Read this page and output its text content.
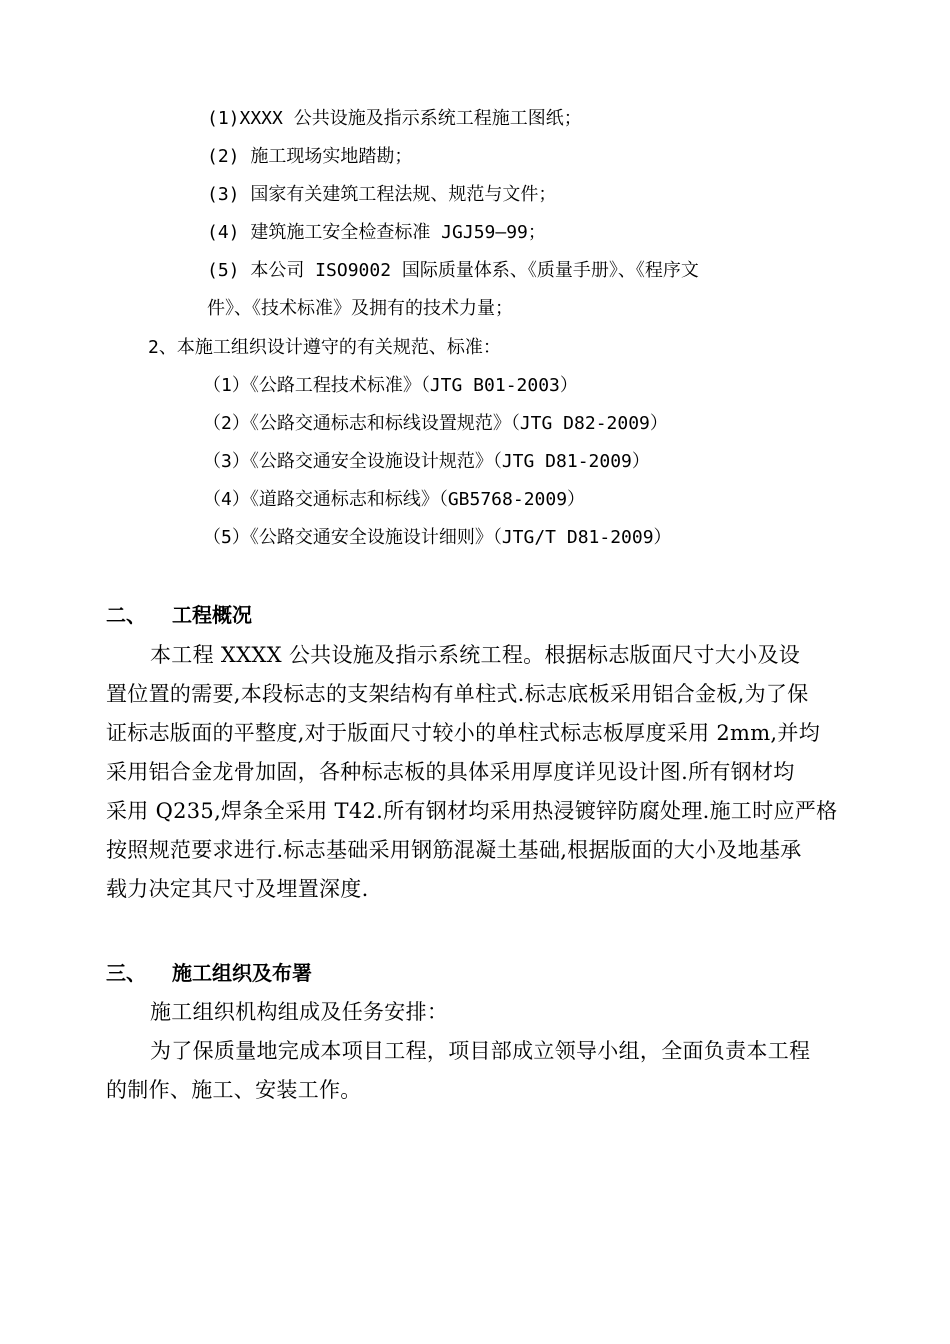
(1)XXXX 公共设施及指示系统工程施工图纸；
(2) 施工现场实地踏勘；
(3) 国家有关建筑工程法规、规范与文件；
(4) 建筑施工安全检查标准 JGJ59—99；
(5) 本公司 ISO9002 国际质量体系、《质量手册》、《程序文
件》、《技术标准》及拥有的技术力量；
2、本施工组织设计遵守的有关规范、标准：
（1）《公路工程技术标准》（JTG B01-2003）
（2）《公路交通标志和标线设置规范》（JTG D82-2009）
（3）《公路交通安全设施设计规范》（JTG D81-2009）
（4）《道路交通标志和标线》（GB5768-2009）
（5）《公路交通安全设施设计细则》（JTG/T D81-2009）
二、 工程概况
本工程 XXXX 公共设施及指示系统工程。根据标志版面尺寸大小及设
置位置的需要,本段标志的支架结构有单柱式.标志底板采用铝合金板,为了保
证标志版面的平整度,对于版面尺寸较小的单柱式标志板厚度采用 2mm,并均
采用铝合金龙骨加固，各种标志板的具体采用厚度详见设计图.所有钢材均
采用 Q235,焊条全采用 T42.所有钢材均采用热浸镀锌防腐处理.施工时应严格
按照规范要求进行.标志基础采用钢筋混凝土基础,根据版面的大小及地基承
载力决定其尺寸及埋置深度.
三、 施工组织及布署
施工组织机构组成及任务安排：
为了保质量地完成本项目工程，项目部成立领导小组，全面负责本工程
的制作、施工、安装工作。
